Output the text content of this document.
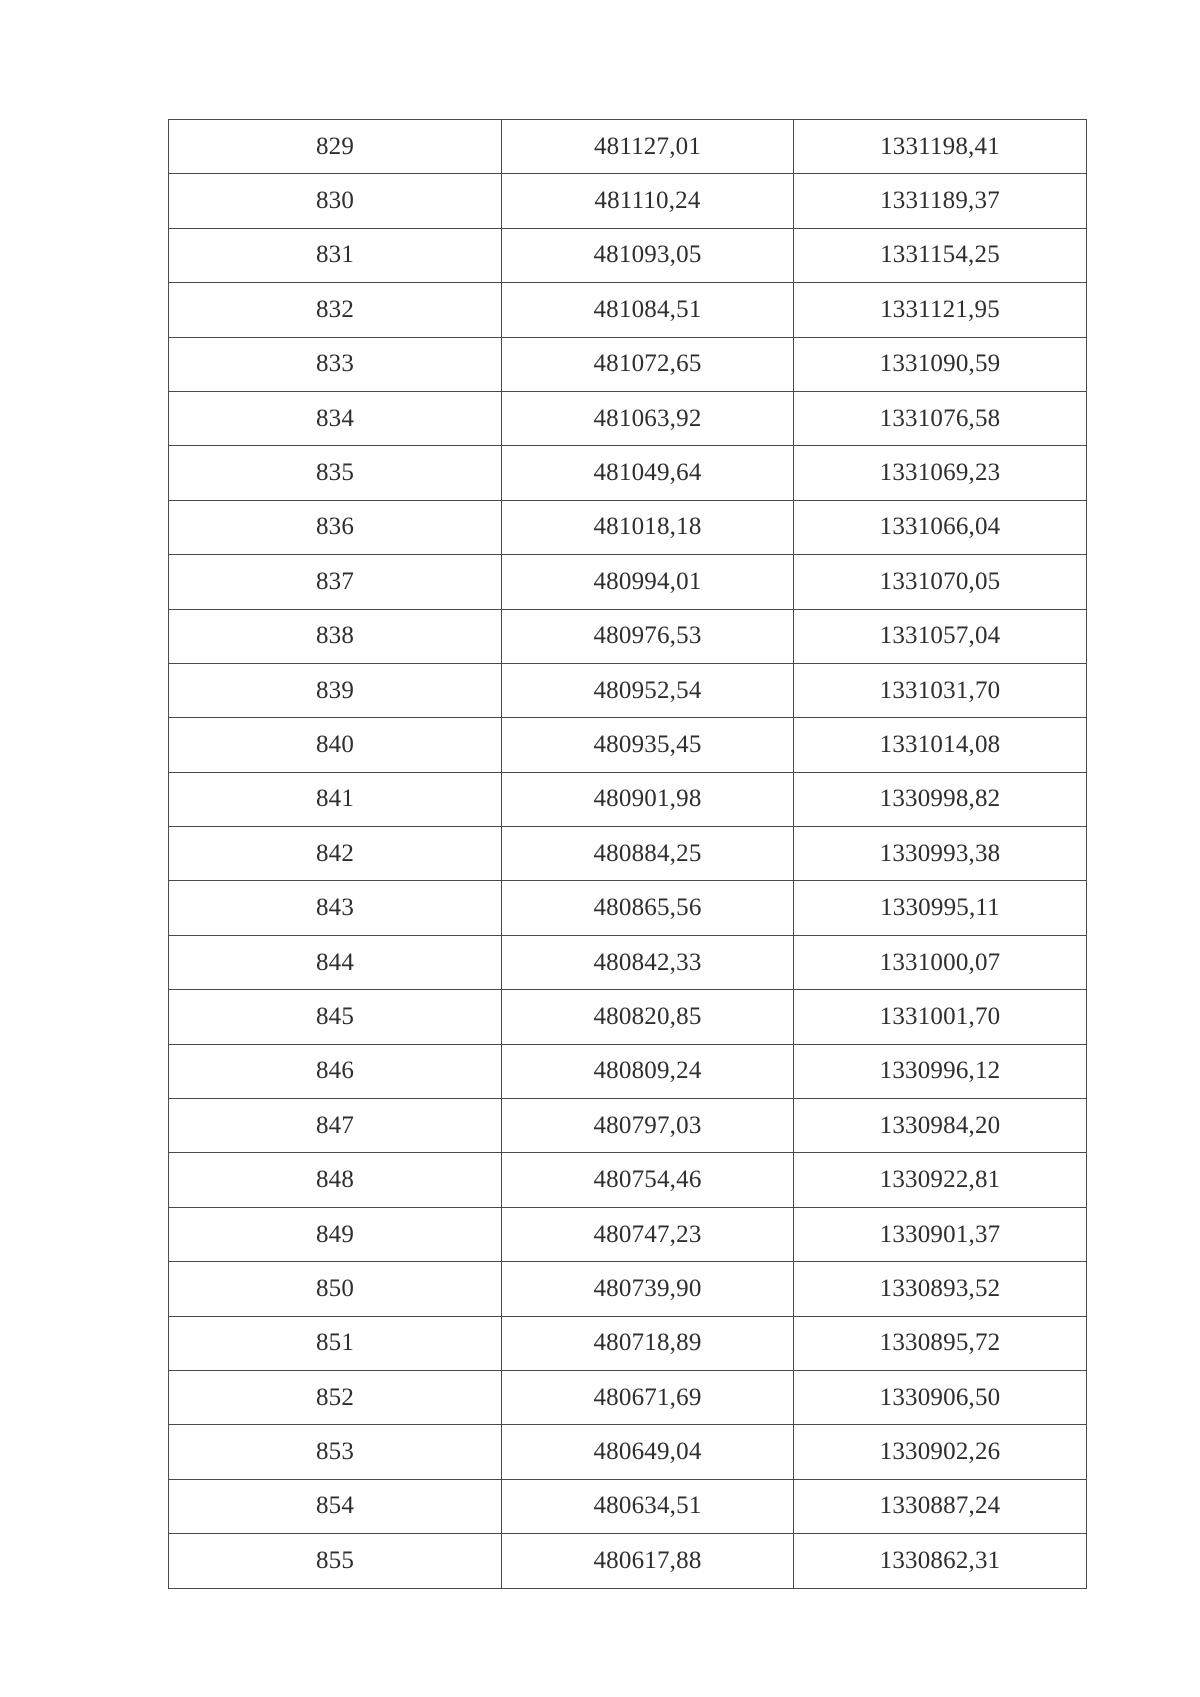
829	481127,01	1331198,41
830	481110,24	1331189,37
831	481093,05	1331154,25
832	481084,51	1331121,95
833	481072,65	1331090,59
834	481063,92	1331076,58
835	481049,64	1331069,23
836	481018,18	1331066,04
837	480994,01	1331070,05
838	480976,53	1331057,04
839	480952,54	1331031,70
840	480935,45	1331014,08
841	480901,98	1330998,82
842	480884,25	1330993,38
843	480865,56	1330995,11
844	480842,33	1331000,07
845	480820,85	1331001,70
846	480809,24	1330996,12
847	480797,03	1330984,20
848	480754,46	1330922,81
849	480747,23	1330901,37
850	480739,90	1330893,52
851	480718,89	1330895,72
852	480671,69	1330906,50
853	480649,04	1330902,26
854	480634,51	1330887,24
855	480617,88	1330862,31
